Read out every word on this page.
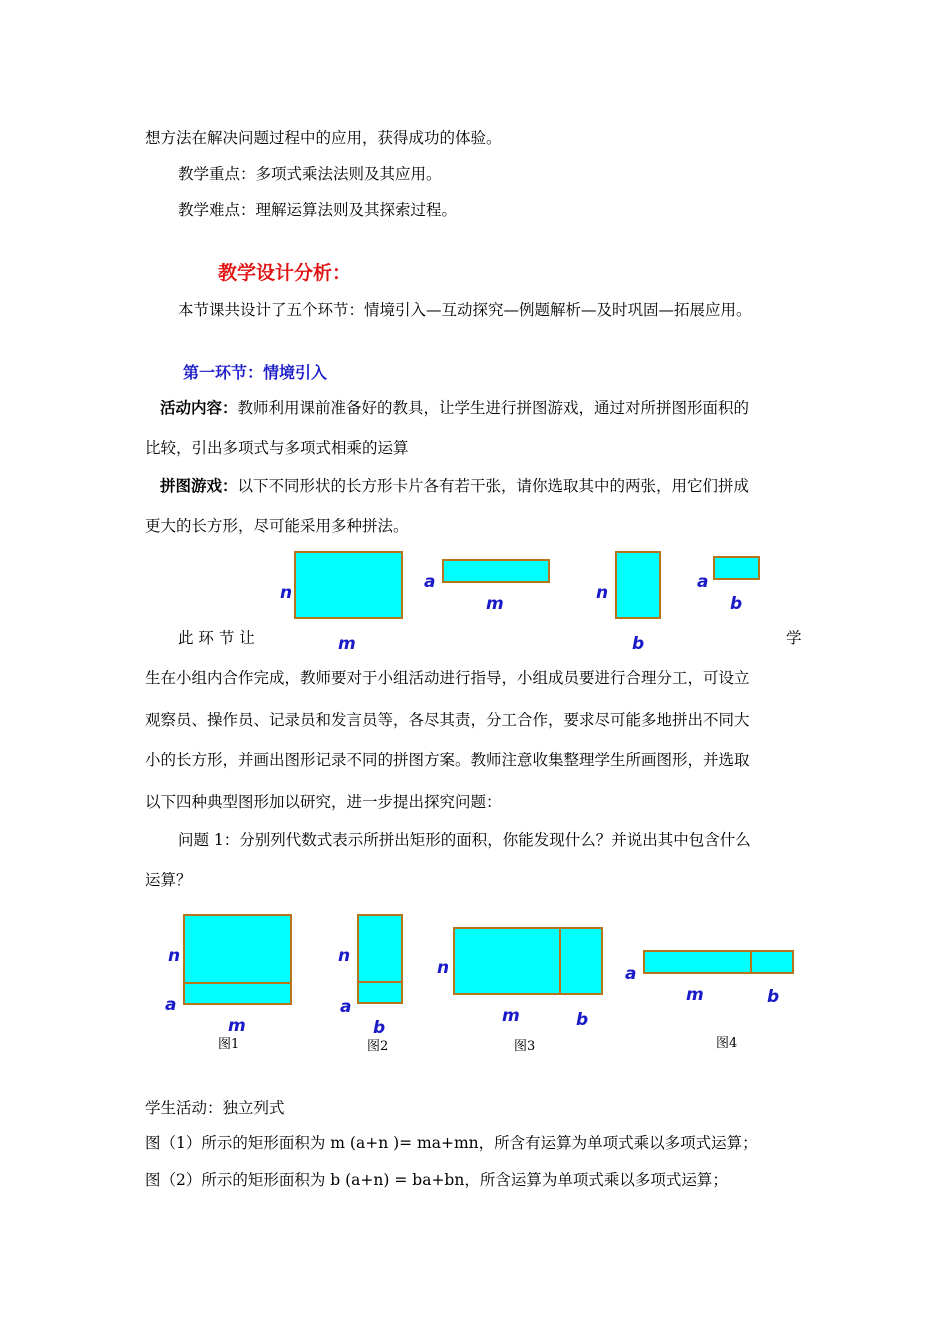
想方法在解决问题过程中的应用，获得成功的体验。
教学重点：多项式乘法法则及其应用。
教学难点：理解运算法则及其探索过程。
教学设计分析：
本节课共设计了五个环节：情境引入—互动探究—例题解析—及时巩固—拓展应用。
第一环节：情境引入
活动内容：教师利用课前准备好的教具，让学生进行拼图游戏，通过对所拼图形面积的
比较，引出多项式与多项式相乘的运算
拼图游戏：以下不同形状的长方形卡片各有若干张，请你选取其中的两张，用它们拼成
更大的长方形，尽可能采用多种拼法。
n
m
a
m
n
b
a
b
此 环 节 让	学
生在小组内合作完成，教师要对于小组活动进行指导，小组成员要进行合理分工，可设立
观察员、操作员、记录员和发言员等，各尽其责，分工合作，要求尽可能多地拼出不同大
小的长方形，并画出图形记录不同的拼图方案。教师注意收集整理学生所画图形，并选取
以下四种典型图形加以研究，进一步提出探究问题：
问题 1：分别列代数式表示所拼出矩形的面积，你能发现什么？并说出其中包含什么
运算？
n
a
m
图1
n
a
b
图2
n
m	b
图3
a
m	b
图4
学生活动：独立列式
图（1）所示的矩形面积为 m (a+n )= ma+mn，所含有运算为单项式乘以多项式运算；
图（2）所示的矩形面积为 b (a+n) = ba+bn，所含运算为单项式乘以多项式运算；
